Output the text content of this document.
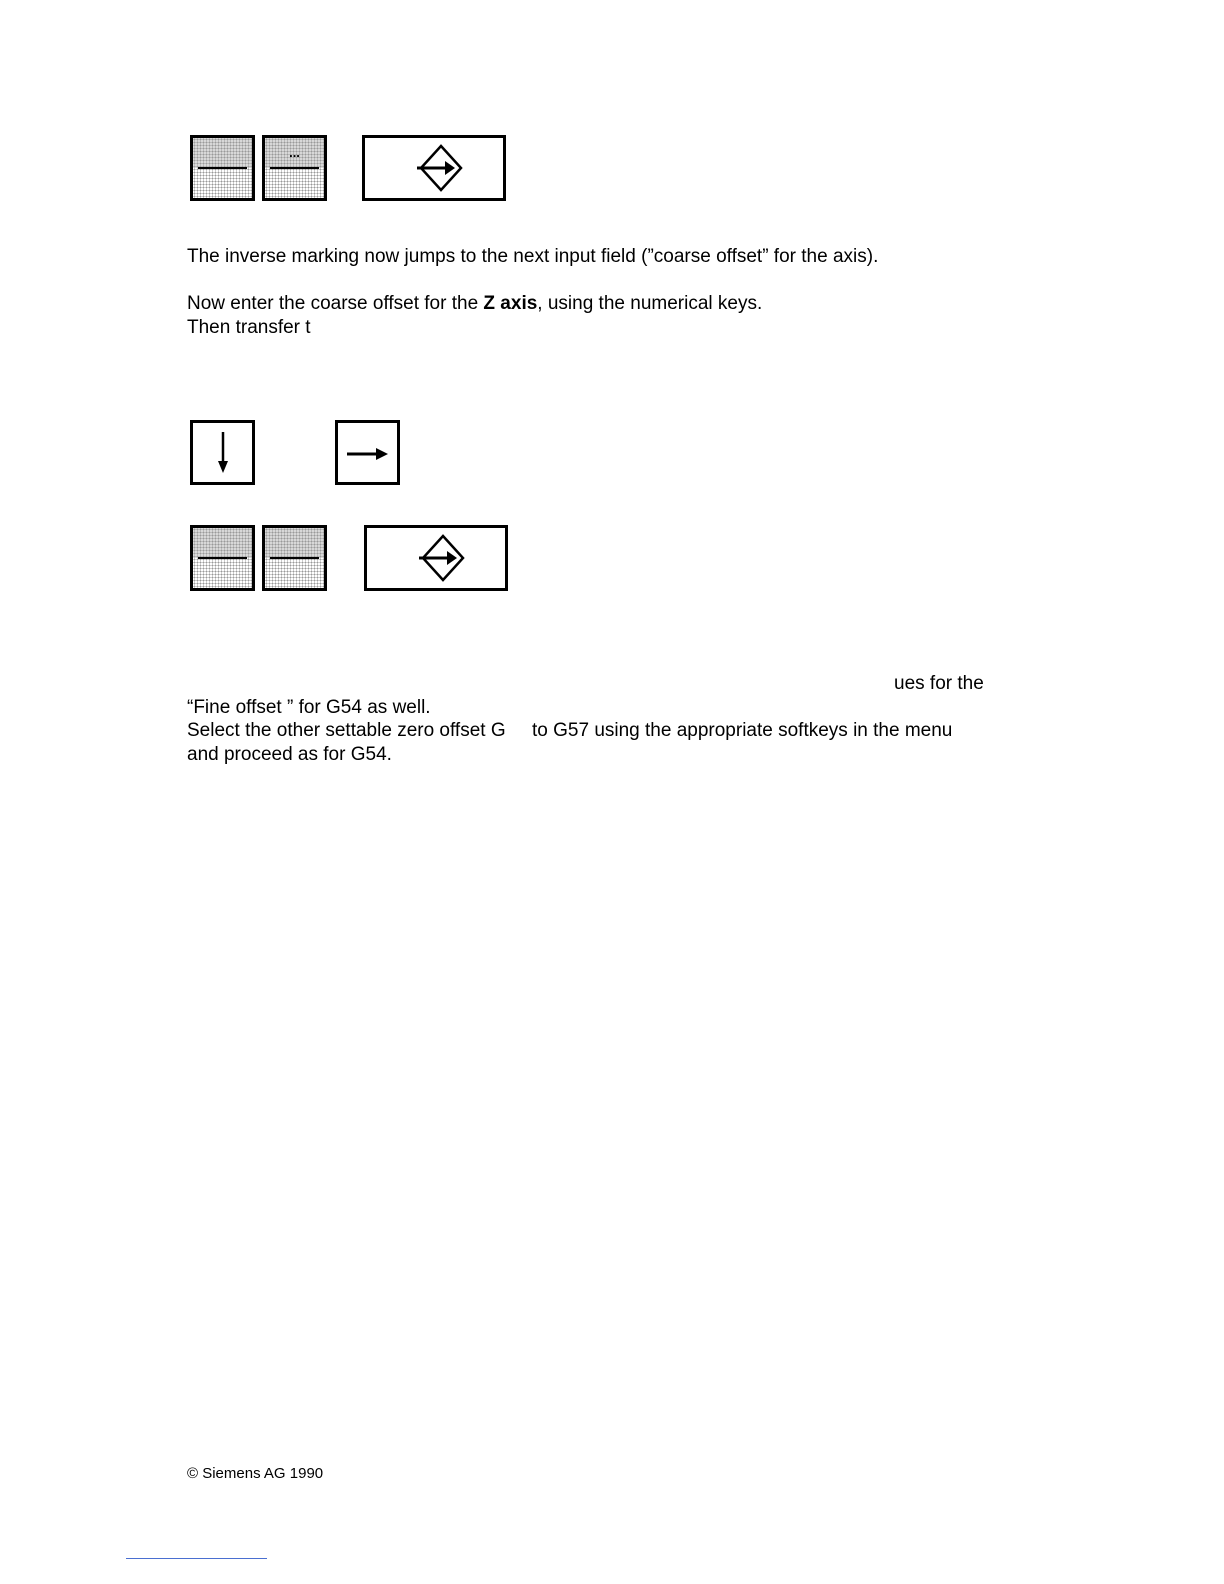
...
The inverse marking now jumps to the next input field (”coarse offset” for the axis).
Now enter the coarse offset for the Z axis, using the numerical keys.
Then transfer t
ues for the
“Fine offset ” for G54 as well.
Select the other settable zero offset G     to G57 using the appropriate softkeys in the menu
and proceed as for G54.
© Siemens AG 1990
